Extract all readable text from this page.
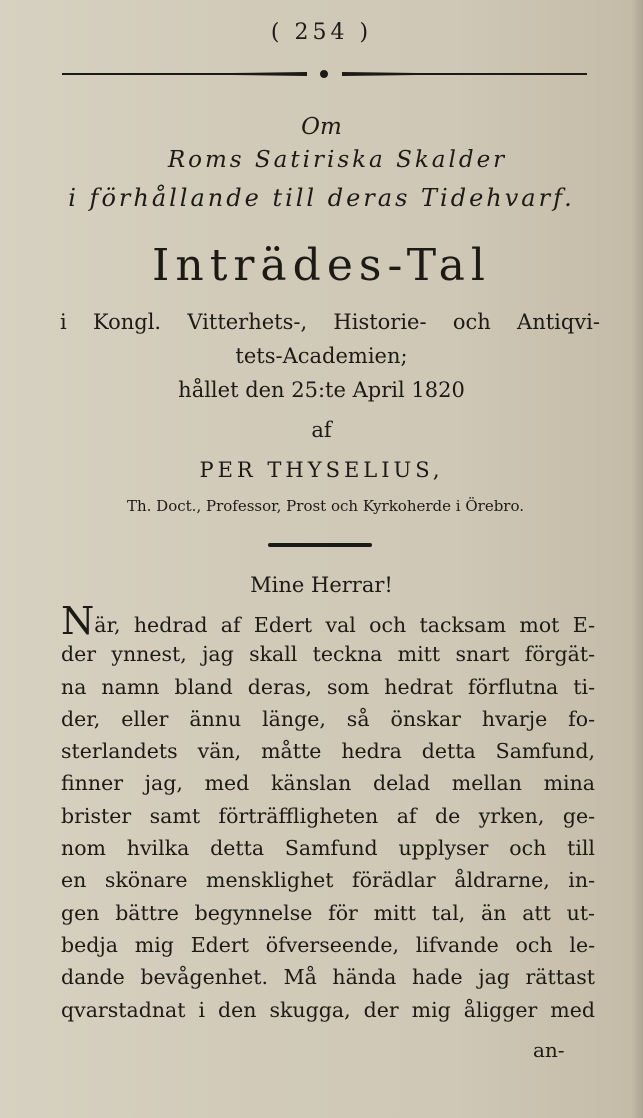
( 254 )
Om
Roms Satiriska Skalder
i förhållande till deras Tidehvarf.
Inträdes-Tal
i Kongl. Vitterhets-, Historie- och Antiqvi-
tets-Academien;
hållet den 25:te April 1820
af
PER THYSELIUS,
Th. Doct., Professor, Prost och Kyrkoherde i Örebro.
Mine Herrar!
När, hedrad af Edert val och tacksam mot E-
der ynnest, jag skall teckna mitt snart förgät-
na namn bland deras, som hedrat förflutna ti-
der, eller ännu länge, så önskar hvarje fo-
sterlandets vän, måtte hedra detta Samfund,
finner jag, med känslan delad mellan mina
brister samt förträffligheten af de yrken, ge-
nom hvilka detta Samfund upplyser och till
en skönare mensklighet förädlar åldrarne, in-
gen bättre begynnelse för mitt tal, än att ut-
bedja mig Edert öfverseende, lifvande och le-
dande bevågenhet. Må hända hade jag rättast
qvarstadnat i den skugga, der mig åligger med
an-
